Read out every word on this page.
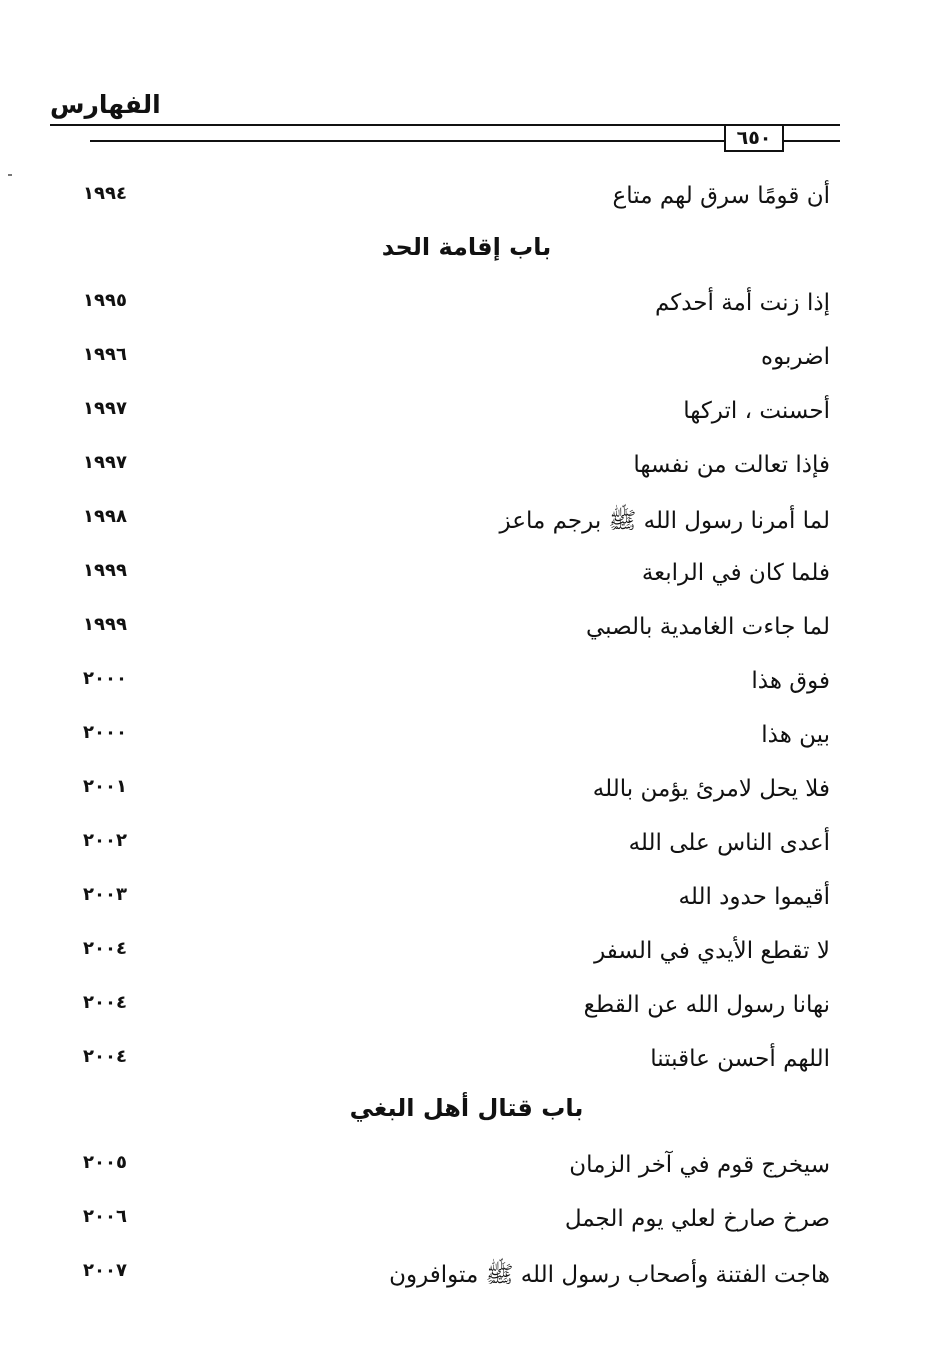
الفهارس
٦٥٠
أن قومًا سرق لهم متاع
١٩٩٤
باب إقامة الحد
إذا زنت أمة أحدكم
١٩٩٥
اضربوه
١٩٩٦
أحسنت ، اتركها
١٩٩٧
فإذا تعالت من نفسها
١٩٩٧
لما أمرنا رسول الله ﷺ برجم ماعز
١٩٩٨
فلما كان في الرابعة
١٩٩٩
لما جاءت الغامدية بالصبي
١٩٩٩
فوق هذا
٢٠٠٠
بين هذا
٢٠٠٠
فلا يحل لامرئ يؤمن بالله
٢٠٠١
أعدى الناس على الله
٢٠٠٢
أقيموا حدود الله
٢٠٠٣
لا تقطع الأيدي في السفر
٢٠٠٤
نهانا رسول الله عن القطع
٢٠٠٤
اللهم أحسن عاقبتنا
٢٠٠٤
باب قتال أهل البغي
سيخرج قوم في آخر الزمان
٢٠٠٥
صرخ صارخ لعلي يوم الجمل
٢٠٠٦
هاجت الفتنة وأصحاب رسول الله ﷺ متوافرون
٢٠٠٧
